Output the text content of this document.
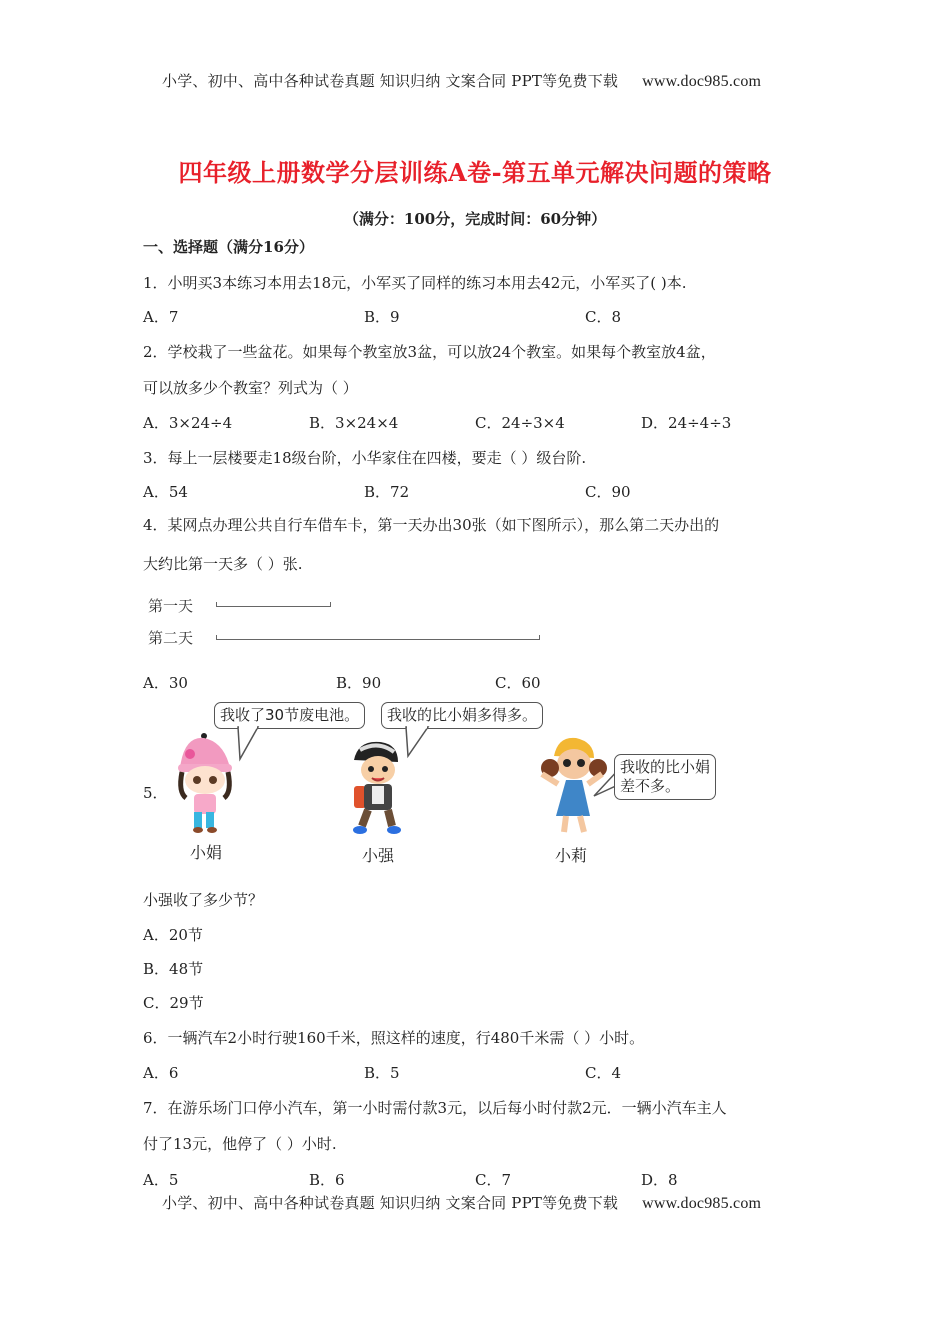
小学、初中、高中各种试卷真题 知识归纳 文案合同 PPT等免费下载 www.doc985.com
四年级上册数学分层训练A卷-第五单元解决问题的策略
（满分：100分，完成时间：60分钟）
一、选择题（满分16分）
1．小明买3本练习本用去18元，小军买了同样的练习本用去42元，小军买了( )本.
A．7	B．9	C．8
2．学校栽了一些盆花。如果每个教室放3盆，可以放24个教室。如果每个教室放4盆，
可以放多少个教室？列式为（ ）
A．3×24÷4	B．3×24×4	C．24÷3×4	D．24÷4÷3
3．每上一层楼要走18级台阶，小华家住在四楼，要走（ ）级台阶.
A．54	B．72	C．90
4．某网点办理公共自行车借车卡，第一天办出30张（如下图所示），那么第二天办出的
大约比第一天多（ ）张.
第一天
第二天
A．30	B．90	C．60
5．
我收了30节废电池。
小娟
我收的比小娟多得多。
小强
我收的比小娟
差不多。
小莉
小强收了多少节？
A．20节
B．48节
C．29节
6．一辆汽车2小时行驶160千米，照这样的速度，行480千米需（ ）小时。
A．6	B．5	C．4
7．在游乐场门口停小汽车，第一小时需付款3元，以后每小时付款2元．一辆小汽车主人
付了13元，他停了（ ）小时.
A．5	B．6	C．7	D．8
小学、初中、高中各种试卷真题 知识归纳 文案合同 PPT等免费下载 www.doc985.com
